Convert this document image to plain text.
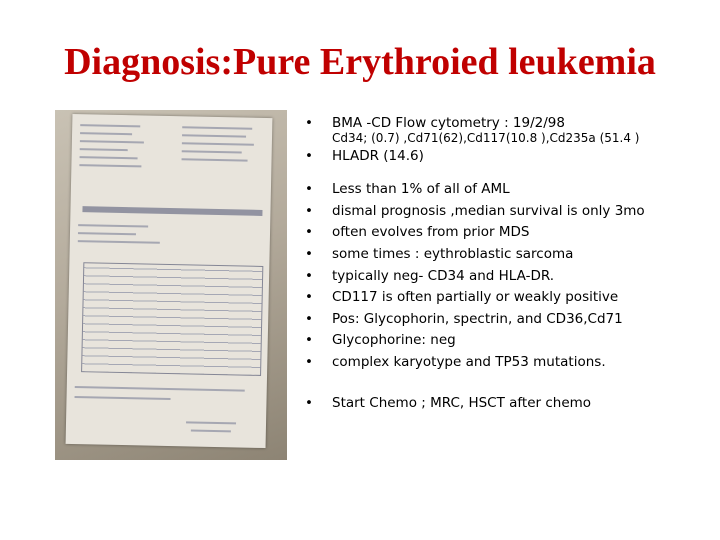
Diagnosis:Pure Erythroied leukemia
• BMA -CD Flow cytometry : 19/2/98
Cd34; (0.7) ,Cd71(62),Cd117(10.8 ),Cd235a (51.4 )
• HLADR (14.6)
• Less than 1% of all of AML
• dismal prognosis ,median survival is only 3mo
• often evolves from prior MDS
• some times : eythroblastic sarcoma
• typically neg- CD34 and HLA-DR.
• CD117 is often partially or weakly positive
• Pos: Glycophorin, spectrin, and CD36,Cd71
• Glycophorine: neg
• complex karyotype and TP53 mutations.
• Start Chemo ; MRC, HSCT after chemo
